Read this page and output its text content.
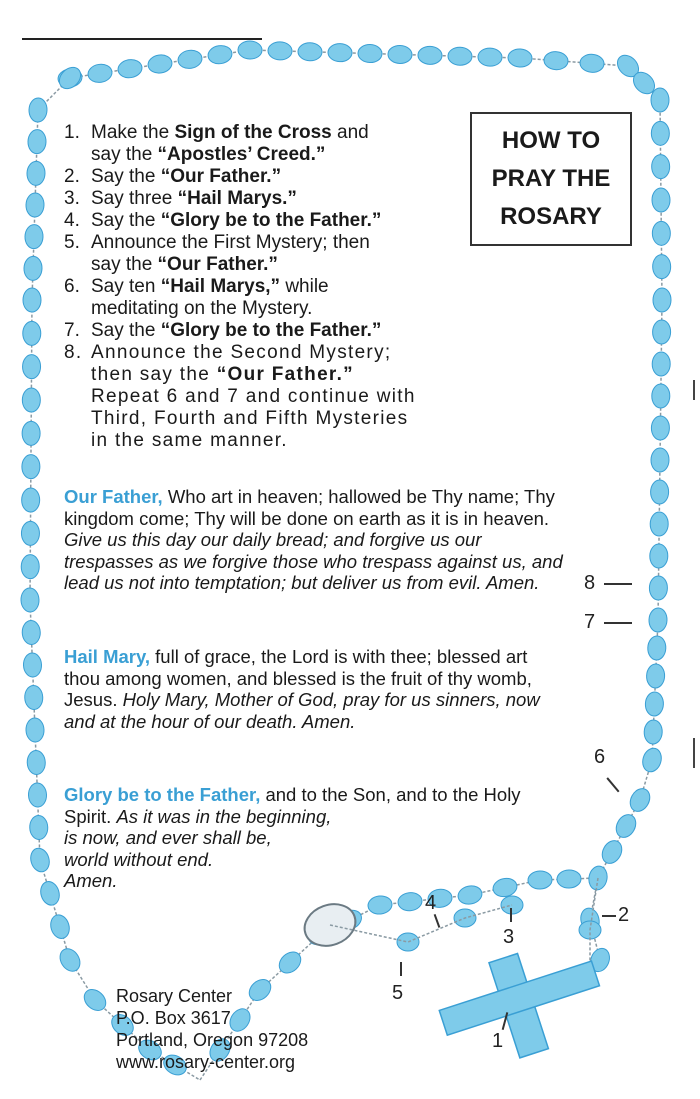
HOW TO
PRAY THE
ROSARY
1. Make the Sign of the Cross and
say the “Apostles’ Creed.”
2. Say the “Our Father.”
3. Say three “Hail Marys.”
4. Say the “Glory be to the Father.”
5. Announce the First Mystery; then
say the “Our Father.”
6. Say ten “Hail Marys,” while
meditating on the Mystery.
7. Say the “Glory be to the Father.”
8. Announce the Second Mystery;
then say the “Our Father.”
Repeat 6 and 7 and continue with
Third, Fourth and Fifth Mysteries
in the same manner.

Our Father, Who art in heaven; hallowed be Thy name; Thy kingdom come; Thy will be done on earth as it is in heaven. Give us this day our daily bread; and forgive us our trespasses as we forgive those who trespass against us, and lead us not into temptation; but deliver us from evil. Amen.

Hail Mary, full of grace, the Lord is with thee; blessed art thou among women, and blessed is the fruit of thy womb, Jesus. Holy Mary, Mother of God, pray for us sinners, now and at the hour of our death. Amen.

Glory be to the Father, and to the Son, and to the Holy Spirit. As it was in the beginning,
is now, and ever shall be,
world without end.
Amen.

Rosary Center
P.O. Box 3617
Portland, Oregon 97208
www.rosary-center.org
8
7
6
4
3
2
5
1
